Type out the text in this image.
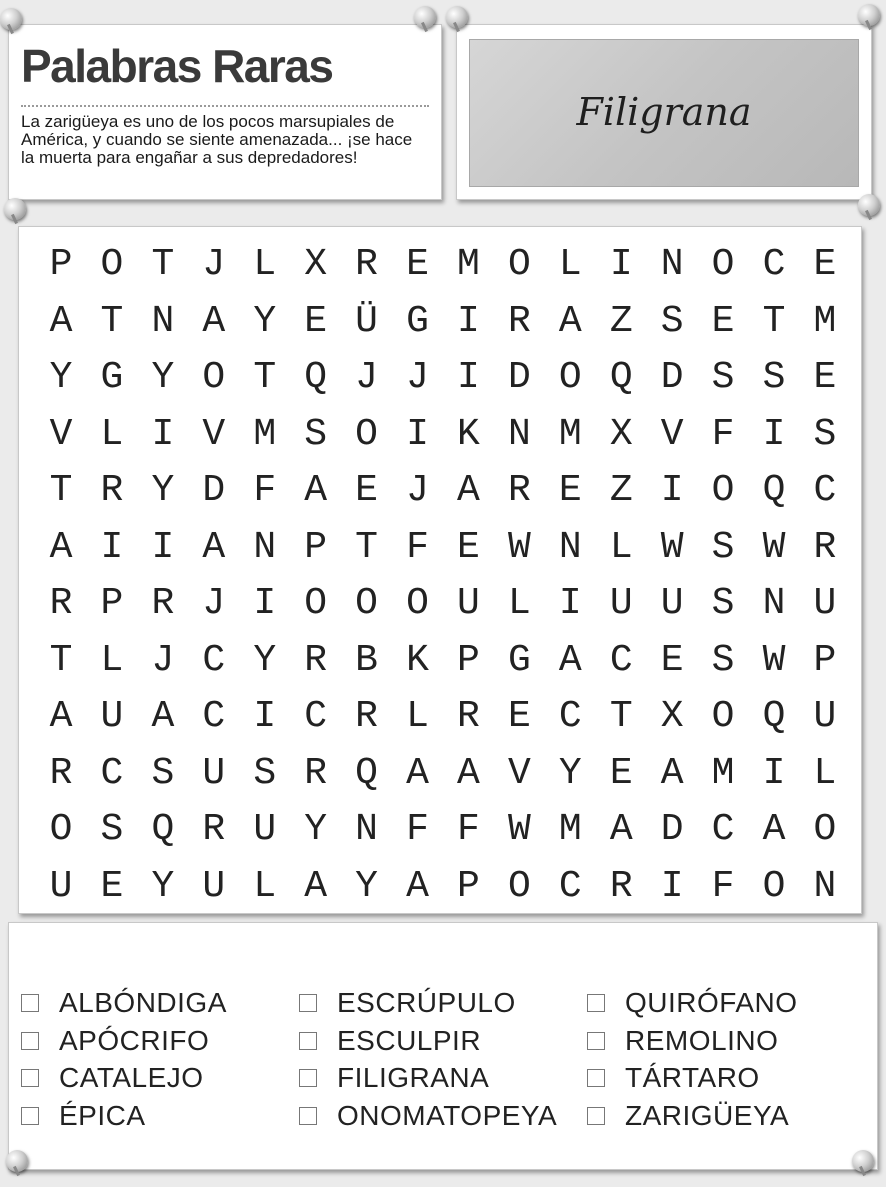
Palabras Raras
La zarigüeya es uno de los pocos marsupiales de América, y cuando se siente amenazada... ¡se hace la muerta para engañar a sus depredadores!
Filigrana
P O T J L X R E M O L I N O C E
A T N A Y E Ü G I R A Z S E T M
Y G Y O T Q J J I D O Q D S S E
V L I V M S O I K N M X V F I S
T R Y D F A E J A R E Z I O Q C
A I I A N P T F E W N L W S W R
R P R J I O O O U L I U U S N U
T L J C Y R B K P G A C E S W P
A U A C I C R L R E C T X O Q U
R C S U S R Q A A V Y E A M I L
O S Q R U Y N F F W M A D C A O
U E Y U L A Y A P O C R I F O N
ALBÓNDIGA
APÓCRIFO
CATALEJO
ÉPICA
ESCRÚPULO
ESCULPIR
FILIGRANA
ONOMATOPEYA
QUIRÓFANO
REMOLINO
TÁRTARO
ZARIGÜEYA
